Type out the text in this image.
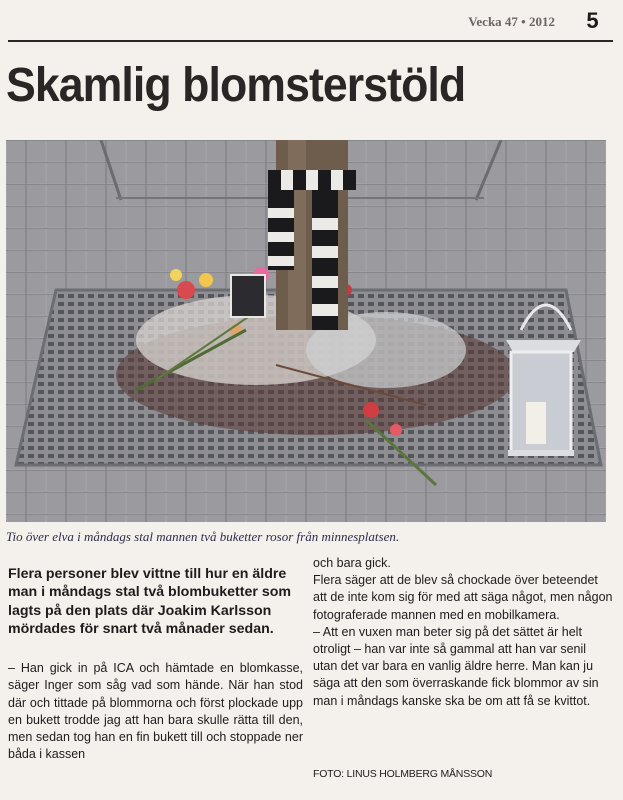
Vecka 47 • 2012	5
Skamlig blomsterstöld
Tio över elva i måndags stal mannen två buketter rosor från minnesplatsen.

Flera personer blev vittne till hur en äldre man i måndags stal två blombuketter som lagts på den plats där Joakim Karlsson mördades för snart två månader sedan.

– Han gick in på ICA och hämtade en blomkasse, säger Inger som såg vad som hände. När han stod där och tittade på blommorna och först plockade upp en bukett trodde jag att han bara skulle rätta till den, men sedan tog han en fin bukett till och stoppade ner båda i kassen

och bara gick.

Flera säger att de blev så chockade över beteendet att de inte kom sig för med att säga något, men någon fotograferade mannen med en mobilkamera.

– Att en vuxen man beter sig på det sättet är helt otroligt – han var inte så gammal att han var senil utan det var bara en vanlig äldre herre. Man kan ju säga att den som överraskande fick blommor av sin man i måndags kanske ska be om att få se kvittot.

FOTO: LINUS HOLMBERG MÅNSSON
